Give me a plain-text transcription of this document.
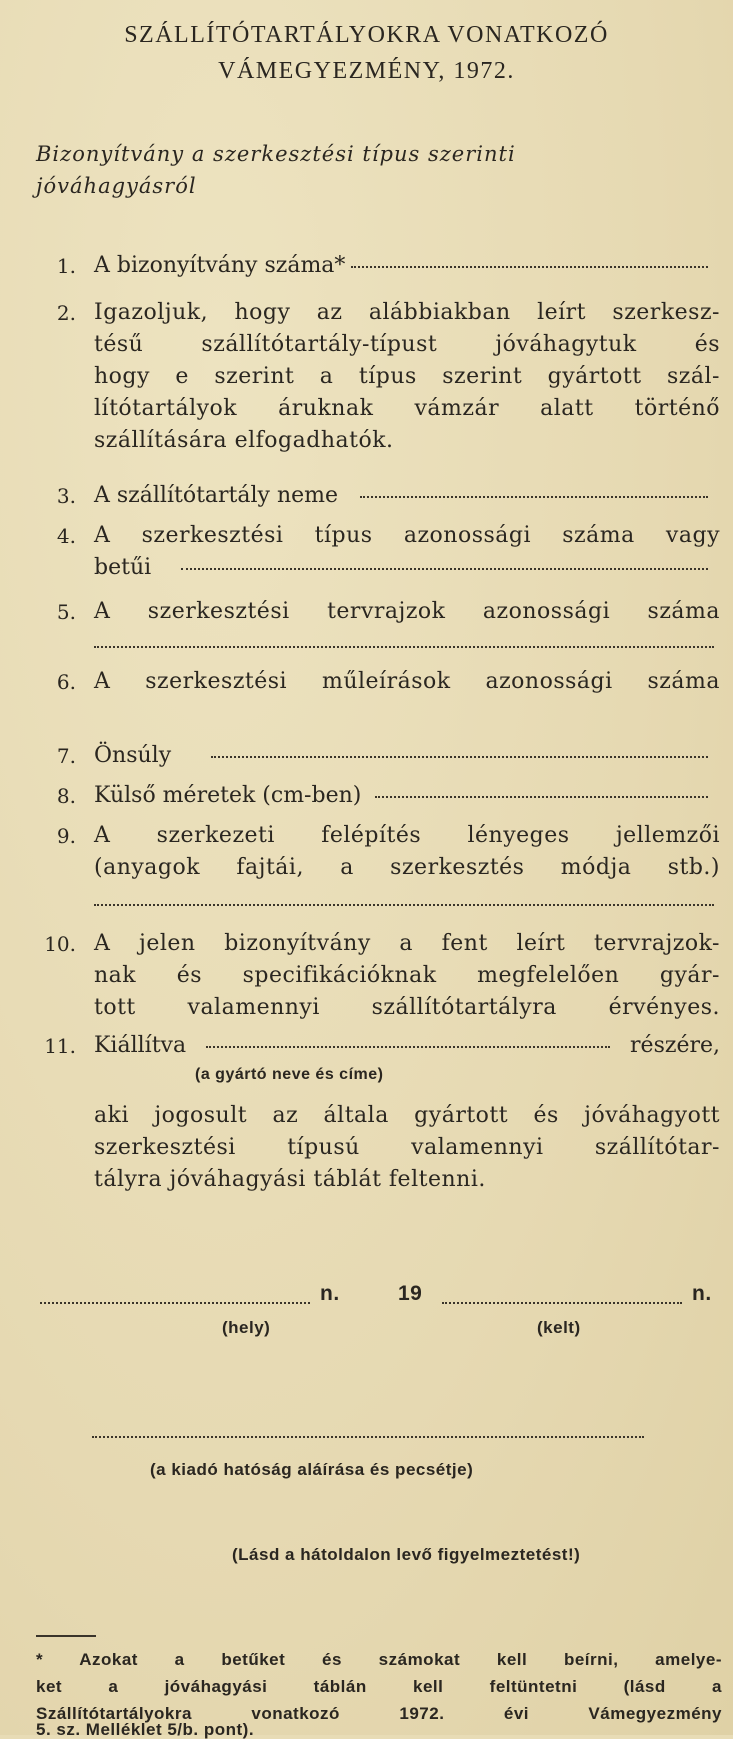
SZÁLLÍTÓTARTÁLYOKRA VONATKOZÓ
VÁMEGYEZMÉNY, 1972.
Bizonyítvány a szerkesztési típus szerinti
jóváhagyásról
1. A bizonyítvány száma*
2. Igazoljuk, hogy az alábbiakban leírt szerkesz-
tésű szállítótartály-típust jóváhagytuk és
hogy e szerint a típus szerint gyártott szál-
lítótartályok áruknak vámzár alatt történő
szállítására elfogadhatók.
3. A szállítótartály neme
4. A szerkesztési típus azonossági száma vagy
betűi
5. A szerkesztési tervrajzok azonossági száma
6. A szerkesztési műleírások azonossági száma
7. Önsúly
8. Külső méretek (cm-ben)
9. A szerkezeti felépítés lényeges jellemzői
(anyagok fajtái, a szerkesztés módja stb.)
10. A jelen bizonyítvány a fent leírt tervrajzok-
nak és specifikációknak megfelelően gyár-
tott valamennyi szállítótartályra érvényes.
11. Kiállítva	részére,
(a gyártó neve és címe)
aki jogosult az általa gyártott és jóváhagyott
szerkesztési típusú valamennyi szállítótar-
tályra jóváhagyási táblát feltenni.
n.	19	n.
(hely)	(kelt)
(a kiadó hatóság aláírása és pecsétje)
(Lásd a hátoldalon levő figyelmeztetést!)
* Azokat a betűket és számokat kell beírni, amelye-
ket a jóváhagyási táblán kell feltüntetni (lásd a
Szállítótartályokra vonatkozó 1972. évi Vámegyezmény
5. sz. Melléklet 5/b. pont).
